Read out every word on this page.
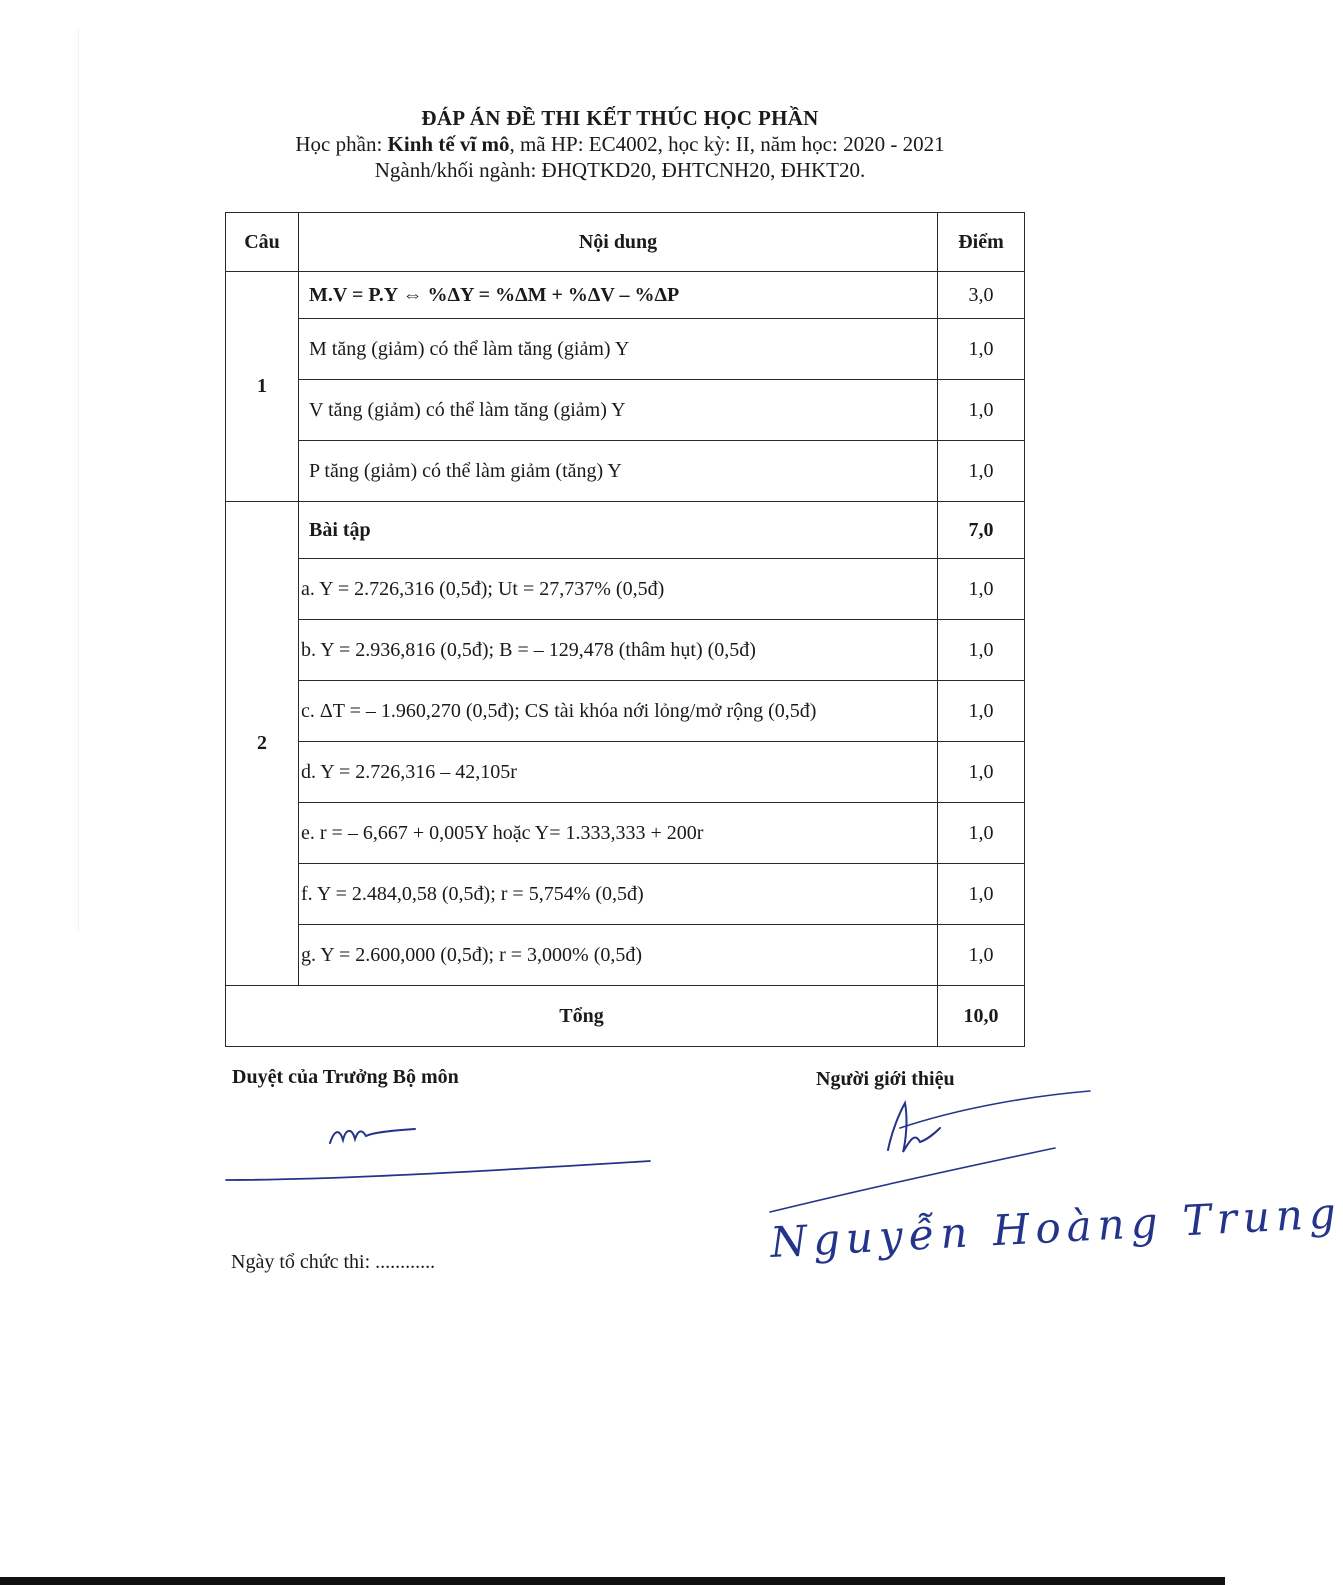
ĐÁP ÁN ĐỀ THI KẾT THÚC HỌC PHẦN
Học phần: Kinh tế vĩ mô, mã HP: EC4002, học kỳ: II, năm học: 2020 - 2021
Ngành/khối ngành: ĐHQTKD20, ĐHTCNH20, ĐHKT20.
Câu	Nội dung	Điểm
1	M.V = P.Y ⇔ %ΔY = %ΔM + %ΔV – %ΔP	3,0
	M tăng (giảm) có thể làm tăng (giảm) Y	1,0
	V tăng (giảm) có thể làm tăng (giảm) Y	1,0
	P tăng (giảm) có thể làm giảm (tăng) Y	1,0
2	Bài tập	7,0
	a. Y = 2.726,316 (0,5đ); Ut = 27,737% (0,5đ)	1,0
	b. Y = 2.936,816 (0,5đ); B = – 129,478 (thâm hụt) (0,5đ)	1,0
	c. ΔT = – 1.960,270 (0,5đ); CS tài khóa nới lỏng/mở rộng (0,5đ)	1,0
	d. Y = 2.726,316 – 42,105r	1,0
	e. r = – 6,667 + 0,005Y hoặc Y= 1.333,333 + 200r	1,0
	f. Y = 2.484,0,58 (0,5đ); r = 5,754% (0,5đ)	1,0
	g. Y = 2.600,000 (0,5đ); r = 3,000% (0,5đ)	1,0
Tổng		10,0
Duyệt của Trưởng Bộ môn	Người giới thiệu
Nguyễn Hoàng Trung
Ngày tổ chức thi: ............
